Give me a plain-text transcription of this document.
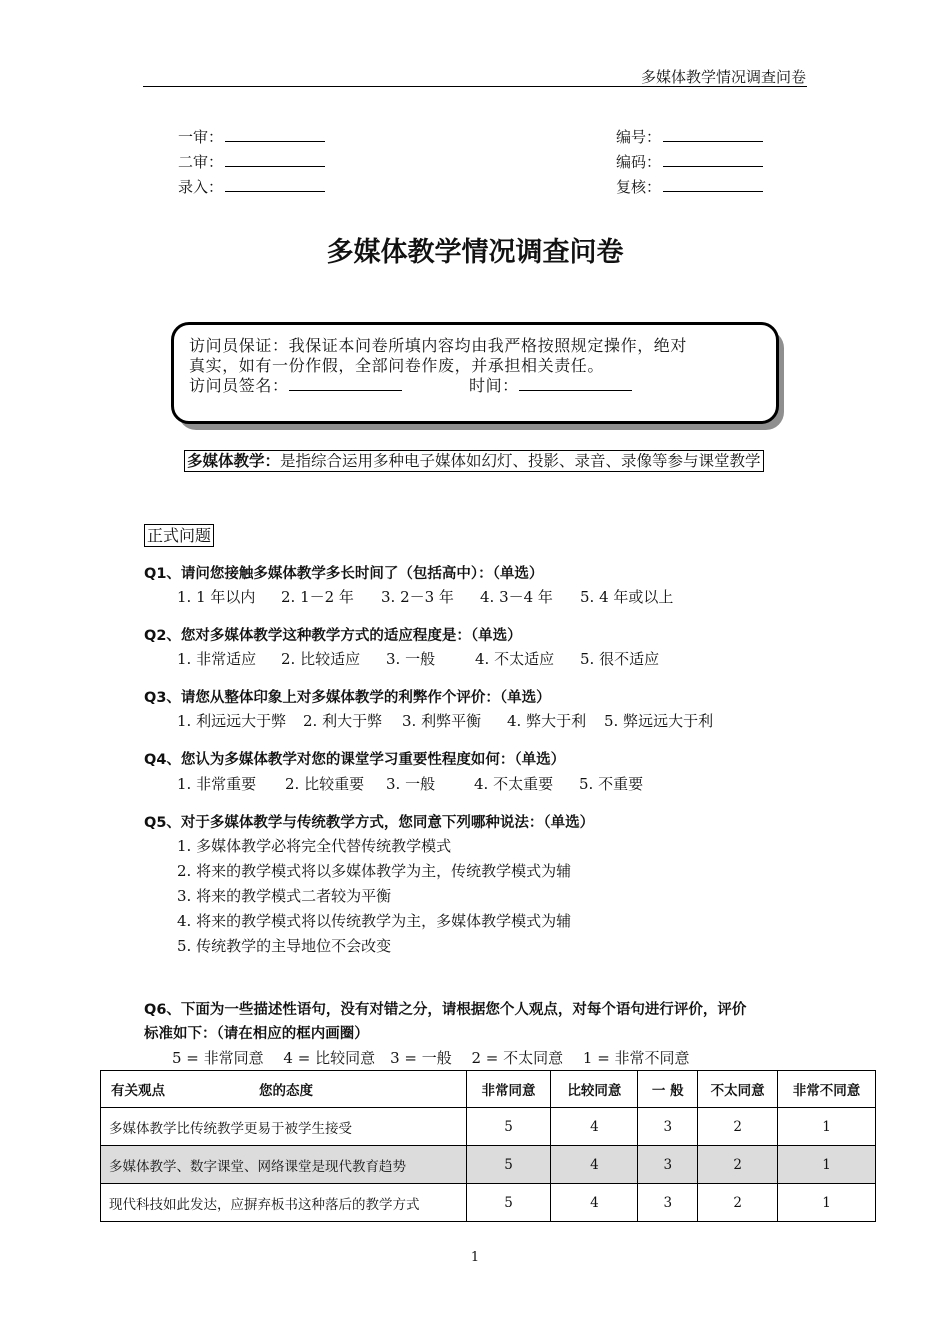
多媒体教学情况调查问卷
一审：
二审：
录入：
编号：
编码：
复核：
多媒体教学情况调查问卷
访问员保证：我保证本问卷所填内容均由我严格按照规定操作，绝对
真实，如有一份作假，全部问卷作废，并承担相关责任。
访问员签名：	时间：
多媒体教学：是指综合运用多种电子媒体如幻灯、投影、录音、录像等参与课堂教学
正式问题
Q1、请问您接触多媒体教学多长时间了（包括高中）：（单选）
1. 1 年以内 2. 1－2 年 3. 2－3 年 4. 3－4 年 5. 4 年或以上
Q2、您对多媒体教学这种教学方式的适应程度是：（单选）
1. 非常适应 2. 比较适应 3. 一般	4. 不太适应 5. 很不适应
Q3、请您从整体印象上对多媒体教学的利弊作个评价：（单选）
1. 利远远大于弊 2. 利大于弊 3. 利弊平衡 4. 弊大于利 5. 弊远远大于利
Q4、您认为多媒体教学对您的课堂学习重要性程度如何：（单选）
1. 非常重要 2. 比较重要 3. 一般	4. 不太重要 5. 不重要
Q5、对于多媒体教学与传统教学方式，您同意下列哪种说法：（单选）
1. 多媒体教学必将完全代替传统教学模式
2. 将来的教学模式将以多媒体教学为主，传统教学模式为辅
3. 将来的教学模式二者较为平衡
4. 将来的教学模式将以传统教学为主，多媒体教学模式为辅
5. 传统教学的主导地位不会改变
Q6、下面为一些描述性语句，没有对错之分，请根据您个人观点，对每个语句进行评价，评价
标准如下：（请在相应的框内画圈）
5 = 非常同意　 4 = 比较同意　3 = 一般　 2 = 不太同意　 1 = 非常不同意
有关观点 您的态度	非常同意	比较同意	一 般	不太同意	非常不同意
多媒体教学比传统教学更易于被学生接受	5	4	3	2	1
多媒体教学、数字课堂、网络课堂是现代教育趋势	5	4	3	2	1
现代科技如此发达，应摒弃板书这种落后的教学方式	5	4	3	2	1
1
